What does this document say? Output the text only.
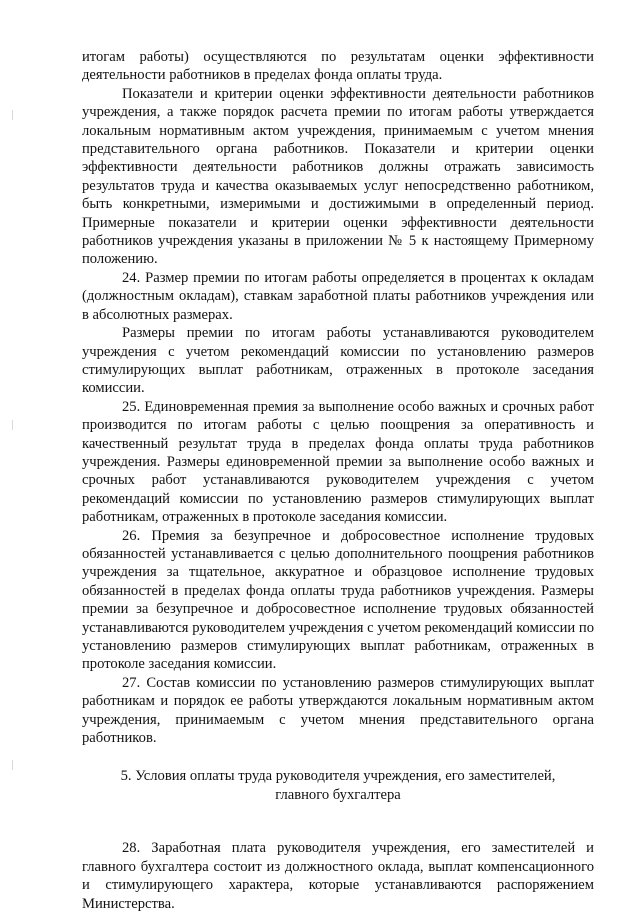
итогам работы) осуществляются по результатам оценки эффективности деятельности работников в пределах фонда оплаты труда.

Показатели и критерии оценки эффективности деятельности работников учреждения, а также порядок расчета премии по итогам работы утверждается локальным нормативным актом учреждения, принимаемым с учетом мнения представительного органа работников. Показатели и критерии оценки эффективности деятельности работников должны отражать зависимость результатов труда и качества оказываемых услуг непосредственно работником, быть конкретными, измеримыми и достижимыми в определенный период. Примерные показатели и критерии оценки эффективности деятельности работников учреждения указаны в приложении № 5 к настоящему Примерному положению.

24. Размер премии по итогам работы определяется в процентах к окладам (должностным окладам), ставкам заработной платы работников учреждения или в абсолютных размерах.

Размеры премии по итогам работы устанавливаются руководителем учреждения с учетом рекомендаций комиссии по установлению размеров стимулирующих выплат работникам, отраженных в протоколе заседания комиссии.

25. Единовременная премия за выполнение особо важных и срочных работ производится по итогам работы с целью поощрения за оперативность и качественный результат труда в пределах фонда оплаты труда работников учреждения. Размеры единовременной премии за выполнение особо важных и срочных работ устанавливаются руководителем учреждения с учетом рекомендаций комиссии по установлению размеров стимулирующих выплат работникам, отраженных в протоколе заседания комиссии.

26. Премия за безупречное и добросовестное исполнение трудовых обязанностей устанавливается с целью дополнительного поощрения работников учреждения за тщательное, аккуратное и образцовое исполнение трудовых обязанностей в пределах фонда оплаты труда работников учреждения. Размеры премии за безупречное и добросовестное исполнение трудовых обязанностей устанавливаются руководителем учреждения с учетом рекомендаций комиссии по установлению размеров стимулирующих выплат работникам, отраженных в протоколе заседания комиссии.

27. Состав комиссии по установлению размеров стимулирующих выплат работникам и порядок ее работы утверждаются локальным нормативным актом учреждения, принимаемым с учетом мнения представительного органа работников.

5. Условия оплаты труда руководителя учреждения, его заместителей,
главного бухгалтера

28. Заработная плата руководителя учреждения, его заместителей и главного бухгалтера состоит из должностного оклада, выплат компенсационного и стимулирующего характера, которые устанавливаются распоряжением Министерства.
